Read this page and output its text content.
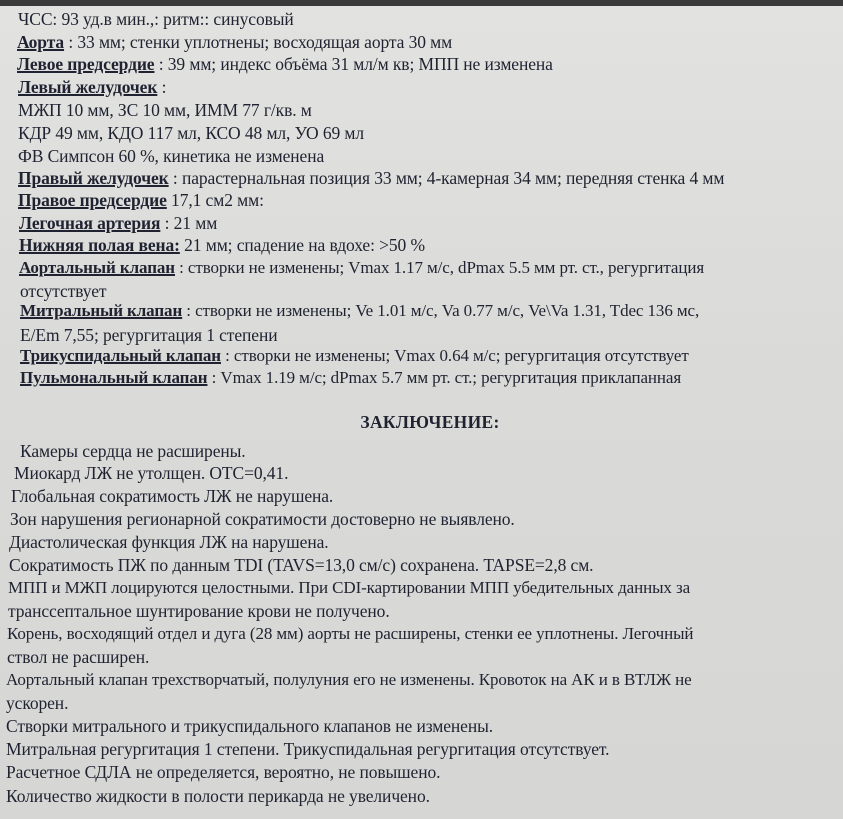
ЧСС: 93 уд.в мин.,: ритм:: синусовый
Аорта : 33 мм; стенки уплотнены; восходящая аорта 30 мм
Левое предсердие : 39 мм; индекс объёма 31 мл/м кв; МПП не изменена
Левый желудочек :
МЖП 10 мм, ЗС 10 мм, ИММ 77 г/кв. м
КДР 49 мм, КДО 117 мл, КСО 48 мл, УО 69 мл
ФВ Симпсон 60 %, кинетика не изменена
Правый желудочек : парастернальная позиция 33 мм; 4-камерная 34 мм; передняя стенка 4 мм
Правое предсердие 17,1 см2 мм:
Легочная артерия : 21 мм
Нижняя полая вена: 21 мм; спадение на вдохе: >50 %
Аортальный клапан : створки не изменены; Vmax 1.17 м/с, dPmax 5.5 мм рт. ст., регургитация
отсутствует
Митральный клапан : створки не изменены; Ve 1.01 м/с, Va 0.77 м/с, Ve\Va 1.31, Tdec 136 мс,
E/Em 7,55; регургитация 1 степени
Трикуспидальный клапан : створки не изменены; Vmax 0.64 м/с; регургитация отсутствует
Пульмональный клапан : Vmax 1.19 м/с; dPmax 5.7 мм рт. ст.; регургитация приклапанная
ЗАКЛЮЧЕНИЕ:
Камеры сердца не расширены.
Миокард ЛЖ не утолщен. ОТС=0,41.
Глобальная сократимость ЛЖ не нарушена.
Зон нарушения регионарной сократимости достоверно не выявлено.
Диастолическая функция ЛЖ на нарушена.
Сократимость ПЖ по данным TDI (TAVS=13,0 см/с) сохранена. TAPSE=2,8 см.
МПП и МЖП лоцируются целостными. При CDI-картировании МПП убедительных данных за
транссептальное шунтирование крови не получено.
Корень, восходящий отдел и дуга (28 мм) аорты не расширены, стенки ее уплотнены. Легочный
ствол не расширен.
Аортальный клапан трехстворчатый, полулуния его не изменены. Кровоток на АК и в ВТЛЖ не
ускорен.
Створки митрального и трикуспидального клапанов не изменены.
Митральная регургитация 1 степени. Трикуспидальная регургитация отсутствует.
Расчетное СДЛА не определяется, вероятно, не повышено.
Количество жидкости в полости перикарда не увеличено.
